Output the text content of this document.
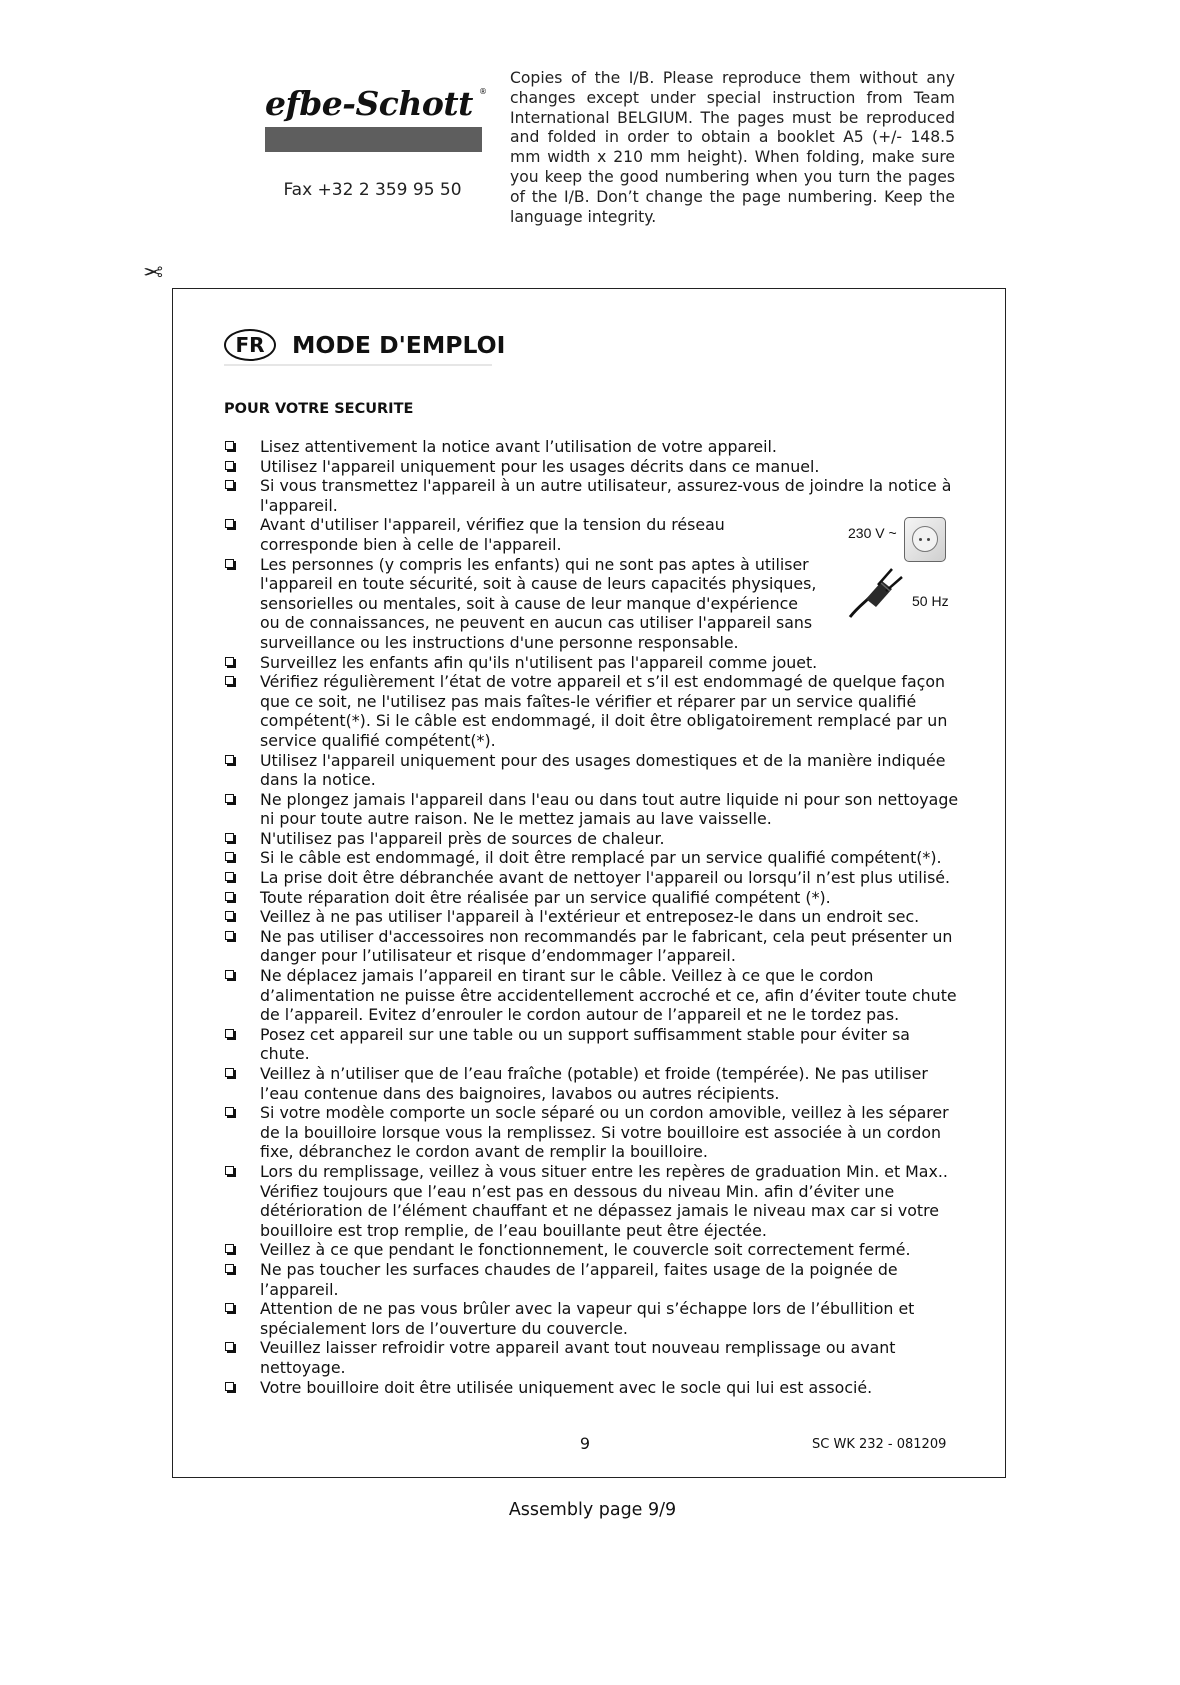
efbe-Schott ®
Fax +32 2 359 95 50
Copies of the I/B. Please reproduce them without any changes except under special instruction from Team International BELGIUM. The pages must be reproduced and folded in order to obtain a booklet A5 (+/- 148.5 mm width x 210 mm height). When folding, make sure you keep the good numbering when you turn the pages of the I/B. Don’t change the page numbering. Keep the language integrity.
✂
FR	MODE D'EMPLOI
POUR VOTRE SECURITE
Lisez attentivement la notice avant l’utilisation de votre appareil.
Utilisez l'appareil uniquement pour les usages décrits dans ce manuel.
Si vous transmettez l'appareil à un autre utilisateur, assurez-vous de joindre la notice à l'appareil.
Avant d'utiliser l'appareil, vérifiez que la tension du réseau corresponde bien à celle de l'appareil.
Les personnes (y compris les enfants) qui ne sont pas aptes à utiliser l'appareil en toute sécurité, soit à cause de leurs capacités physiques, sensorielles ou mentales, soit à cause de leur manque d'expérience ou de connaissances, ne peuvent en aucun cas utiliser l'appareil sans surveillance ou les instructions d'une personne responsable.
Surveillez les enfants afin qu'ils n'utilisent pas l'appareil comme jouet.
Vérifiez régulièrement l’état de votre appareil et s’il est endommagé de quelque façon que ce soit, ne l'utilisez pas mais faîtes-le vérifier et réparer par un service qualifié compétent(*). Si le câble est endommagé, il doit être obligatoirement remplacé par un service qualifié compétent(*).
Utilisez l'appareil uniquement pour des usages domestiques et de la manière indiquée dans la notice.
Ne plongez jamais l'appareil dans l'eau ou dans tout autre liquide ni pour son nettoyage ni pour toute autre raison. Ne le mettez jamais au lave vaisselle.
N'utilisez pas l'appareil près de sources de chaleur.
Si le câble est endommagé, il doit être remplacé par un service qualifié compétent(*).
La prise doit être débranchée avant de nettoyer l'appareil ou lorsqu’il n’est plus utilisé.
Toute réparation doit être réalisée par un service qualifié compétent (*).
Veillez à ne pas utiliser l'appareil à l'extérieur et entreposez-le dans un endroit sec.
Ne pas utiliser d'accessoires non recommandés par le fabricant, cela peut présenter un danger pour l’utilisateur et risque d’endommager l’appareil.
Ne déplacez jamais l’appareil en tirant sur le câble. Veillez à ce que le cordon d’alimentation ne puisse être accidentellement accroché et ce, afin d’éviter toute chute de l’appareil. Evitez d’enrouler le cordon autour de l’appareil et ne le tordez pas.
Posez cet appareil sur une table ou un support suffisamment stable pour éviter sa chute.
Veillez à n’utiliser que de l’eau fraîche (potable) et froide (tempérée). Ne pas utiliser l’eau contenue dans des baignoires, lavabos ou autres récipients.
Si votre modèle comporte un socle séparé ou un cordon amovible, veillez à les séparer de la bouilloire lorsque vous la remplissez. Si votre bouilloire est associée à un cordon fixe, débranchez le cordon avant de remplir la bouilloire.
Lors du remplissage, veillez à vous situer entre les repères de graduation Min. et Max.. Vérifiez toujours que l’eau n’est pas en dessous du niveau Min. afin d’éviter une détérioration de l’élément chauffant et ne dépassez jamais le niveau max car si votre bouilloire est trop remplie, de l’eau bouillante peut être éjectée.
Veillez à ce que pendant le fonctionnement, le couvercle soit correctement fermé.
Ne pas toucher les surfaces chaudes de l’appareil, faites usage de la poignée de l’appareil.
Attention de ne pas vous brûler avec la vapeur qui s’échappe lors de l’ébullition et spécialement lors de l’ouverture du couvercle.
Veuillez laisser refroidir votre appareil avant tout nouveau remplissage ou avant nettoyage.
Votre bouilloire doit être utilisée uniquement avec le socle qui lui est associé.
230 V ~
50 Hz
9	SC WK 232 - 081209
Assembly page 9/9
